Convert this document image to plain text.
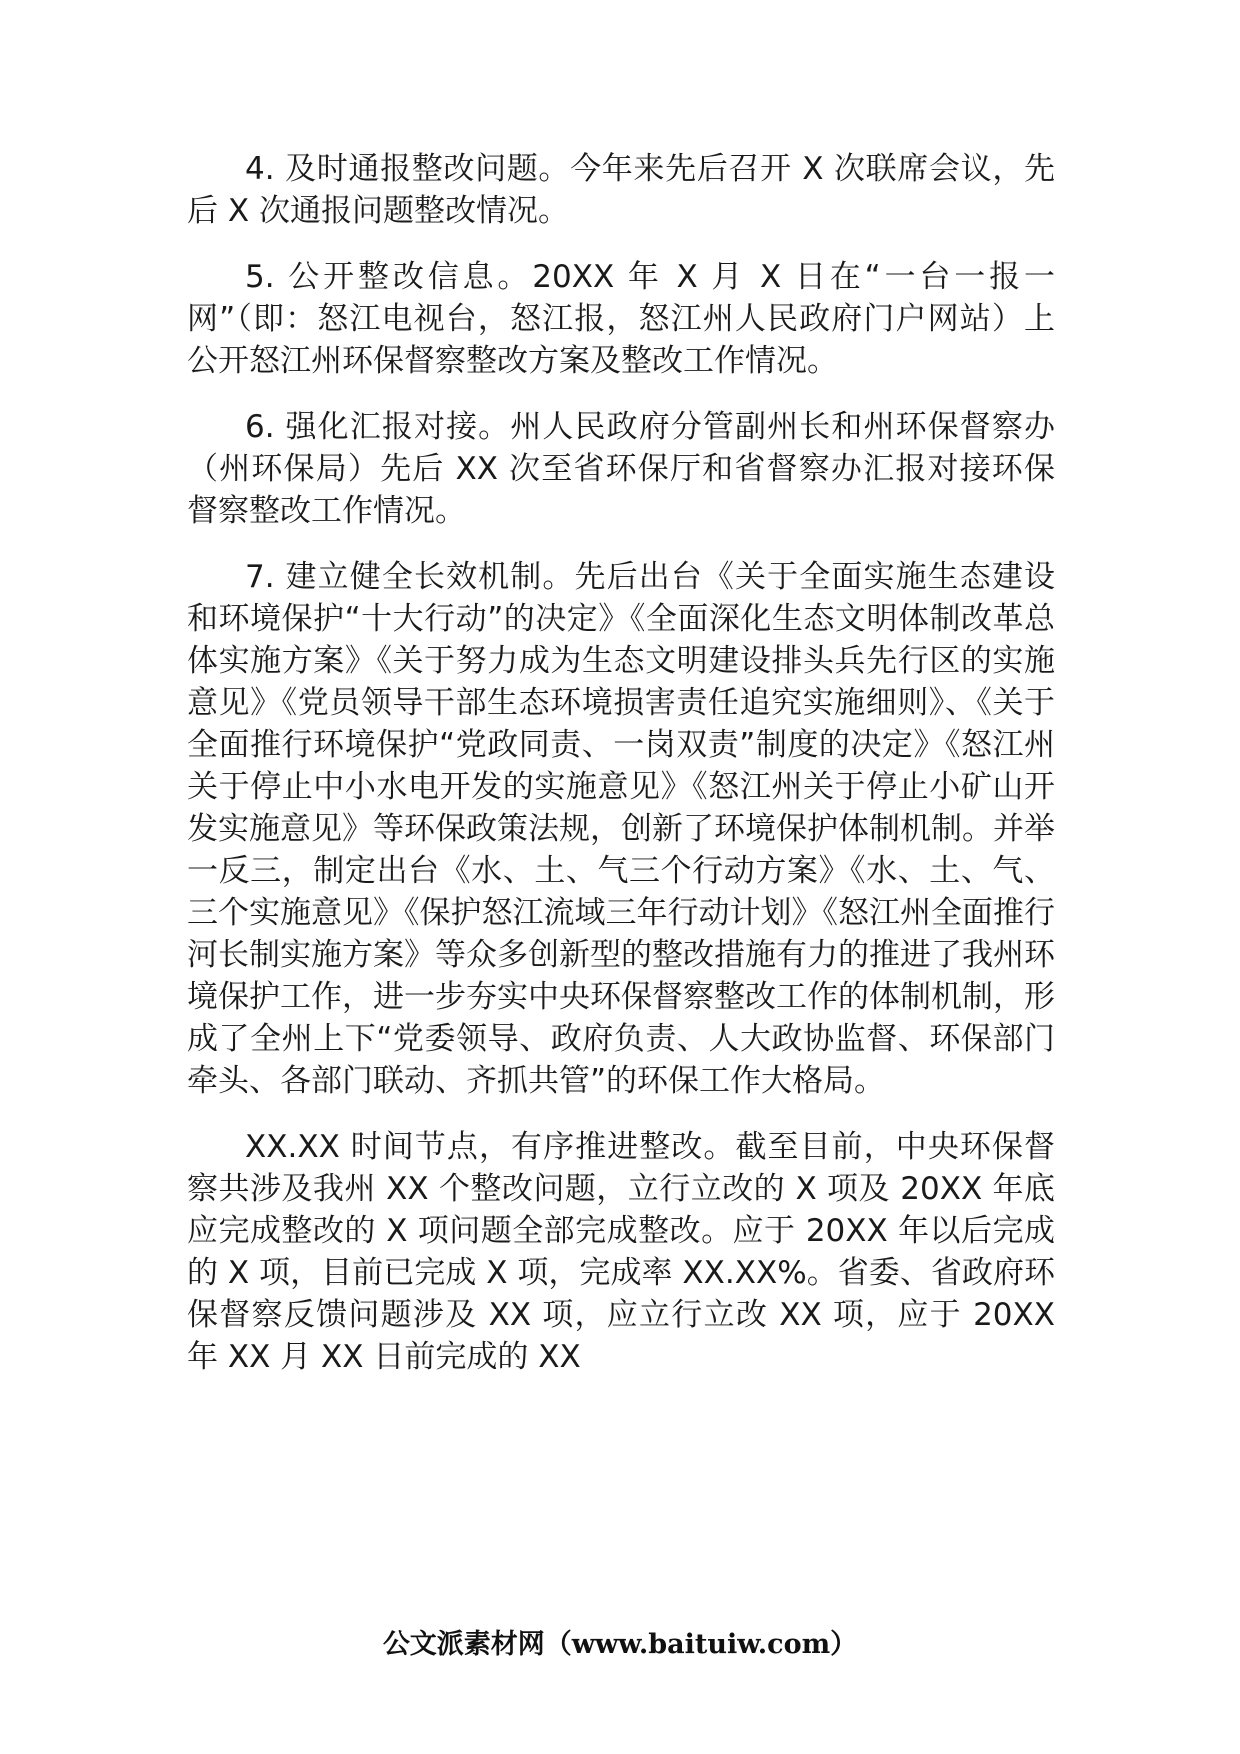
4. 及时通报整改问题。今年来先后召开 X 次联席会议，先后 X 次通报问题整改情况。

5. 公开整改信息。20XX 年 X 月 X 日在“一台一报一网”（即：怒江电视台，怒江报，怒江州人民政府门户网站）上公开怒江州环保督察整改方案及整改工作情况。

6. 强化汇报对接。州人民政府分管副州长和州环保督察办（州环保局）先后 XX 次至省环保厅和省督察办汇报对接环保督察整改工作情况。

7. 建立健全长效机制。先后出台《关于全面实施生态建设和环境保护“十大行动”的决定》《全面深化生态文明体制改革总体实施方案》《关于努力成为生态文明建设排头兵先行区的实施意见》《党员领导干部生态环境损害责任追究实施细则》、《关于全面推行环境保护“党政同责、一岗双责”制度的决定》《怒江州关于停止中小水电开发的实施意见》《怒江州关于停止小矿山开发实施意见》等环保政策法规，创新了环境保护体制机制。并举一反三，制定出台《水、土、气三个行动方案》《水、土、气、三个实施意见》《保护怒江流域三年行动计划》《怒江州全面推行河长制实施方案》等众多创新型的整改措施有力的推进了我州环境保护工作，进一步夯实中央环保督察整改工作的体制机制，形成了全州上下“党委领导、政府负责、人大政协监督、环保部门牵头、各部门联动、齐抓共管”的环保工作大格局。

XX.XX 时间节点，有序推进整改。截至目前，中央环保督察共涉及我州 XX 个整改问题，立行立改的 X 项及 20XX 年底应完成整改的 X 项问题全部完成整改。应于 20XX 年以后完成的 X 项，目前已完成 X 项，完成率 XX.XX%。省委、省政府环保督察反馈问题涉及 XX 项，应立行立改 XX 项，应于 20XX 年 XX 月 XX 日前完成的 XX

公文派素材网（www.baituiw.com）
